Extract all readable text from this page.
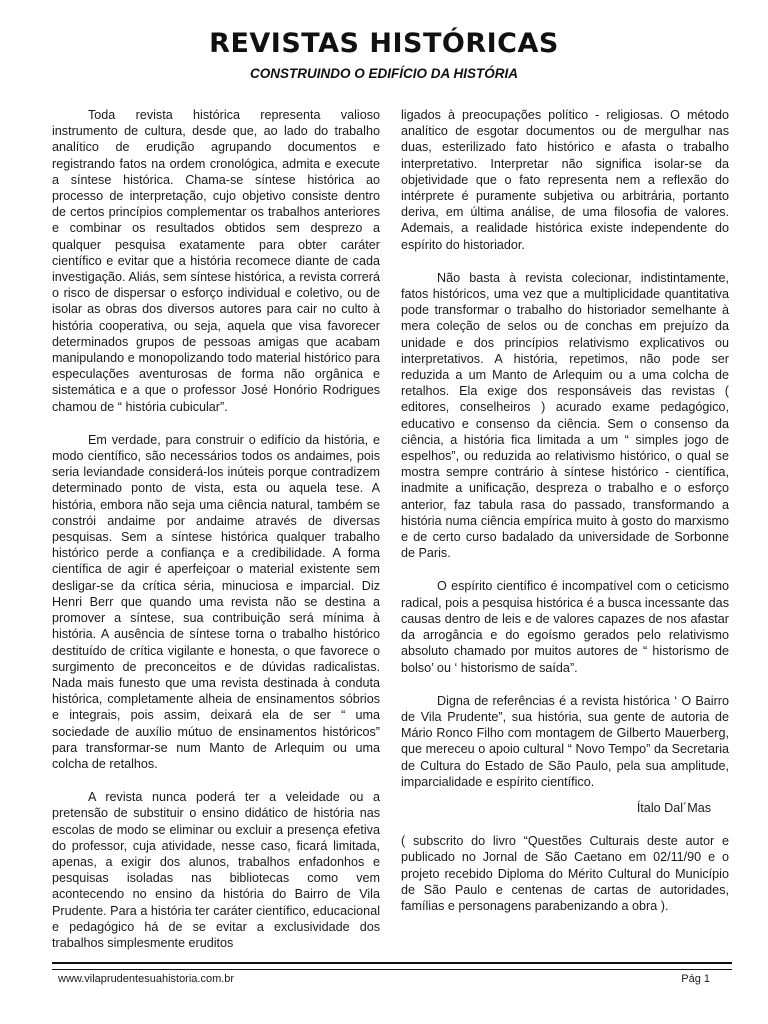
REVISTAS HISTÓRICAS
CONSTRUINDO O EDIFÍCIO DA HISTÓRIA

Toda revista histórica representa valioso instrumento de cultura, desde que, ao lado do trabalho analítico de erudição agrupando documentos e registrando fatos na ordem cronológica, admita e execute a síntese histórica. Chama-se síntese histórica ao processo de interpretação, cujo objetivo consiste dentro de certos princípios complementar os trabalhos anteriores e combinar os resultados obtidos sem desprezo a qualquer pesquisa exatamente para obter caráter científico e evitar que a história recomece diante de cada investigação. Aliás, sem síntese histórica, a revista correrá o risco de dispersar o esforço individual e coletivo, ou de isolar as obras dos diversos autores para cair no culto à história cooperativa, ou seja, aquela que visa favorecer determinados grupos de pessoas amigas que acabam manipulando e monopolizando todo material histórico para especulações aventurosas de forma não orgânica e sistemática e a que o professor José Honório Rodrigues chamou de “ história cubicular”.

Em verdade, para construir o edifício da história, e modo científico, são necessários todos os andaimes, pois seria leviandade considerá-los inúteis porque contradizem determinado ponto de vista, esta ou aquela tese. A história, embora não seja uma ciência natural, também se constrói andaime por andaime através de diversas pesquisas. Sem a síntese histórica qualquer trabalho histórico perde a confiança e a credibilidade. A forma científica de agir é aperfeiçoar o material existente sem desligar-se da crítica séria, minuciosa e imparcial. Diz Henri Berr que quando uma revista não se destina a promover a síntese, sua contribuição será mínima à história. A ausência de síntese torna o trabalho histórico destituído de crítica vigilante e honesta, o que favorece o surgimento de preconceitos e de dúvidas radicalistas. Nada mais funesto que uma revista destinada à conduta histórica, completamente alheia de ensinamentos sóbrios e integrais, pois assim, deixará ela de ser “ uma sociedade de auxílio mútuo de ensinamentos históricos” para transformar-se num Manto de Arlequim ou uma colcha de retalhos.

A revista nunca poderá ter a veleidade ou a pretensão de substituir o ensino didático de história nas escolas de modo se eliminar ou excluir a presença efetiva do professor, cuja atividade, nesse caso, ficará limitada, apenas, a exigir dos alunos, trabalhos enfadonhos e pesquisas isoladas nas bibliotecas como vem acontecendo no ensino da história do Bairro de Vila Prudente. Para a história ter caráter científico, educacional e pedagógico há de se evitar a exclusividade dos trabalhos simplesmente eruditos

ligados à preocupações político - religiosas. O método analítico de esgotar documentos ou de mergulhar nas duas, esterilizado fato histórico e afasta o trabalho interpretativo. Interpretar não significa isolar-se da objetividade que o fato representa nem a reflexão do intérprete é puramente subjetiva ou arbitrária, portanto deriva, em última análise, de uma filosofia de valores. Ademais, a realidade histórica existe independente do espírito do historiador.

Não basta à revista colecionar, indistintamente, fatos históricos, uma vez que a multiplicidade quantitativa pode transformar o trabalho do historiador semelhante à mera coleção de selos ou de conchas em prejuízo da unidade e dos princípios relativismo explicativos ou interpretativos. A história, repetimos, não pode ser reduzida a um Manto de Arlequim ou a uma colcha de retalhos. Ela exige dos responsáveis das revistas ( editores, conselheiros ) acurado exame pedagógico, educativo e consenso da ciência. Sem o consenso da ciência, a história fica limitada a um “ simples jogo de espelhos”, ou reduzida ao relativismo histórico, o qual se mostra sempre contrário à síntese histórico - científica, inadmite a unificação, despreza o trabalho e o esforço anterior, faz tabula rasa do passado, transformando a história numa ciência empírica muito à gosto do marxismo e de certo curso badalado da universidade de Sorbonne de Paris.

O espírito científico é incompatível com o ceticismo radical, pois a pesquisa histórica é a busca incessante das causas dentro de leis e de valores capazes de nos afastar da arrogância e do egoísmo gerados pelo relativismo absoluto chamado por muitos autores de “ historismo de bolso’ ou ‘ historismo de saída”.

Digna de referências é a revista histórica ‘ O Bairro de Vila Prudente”, sua história, sua gente de autoria de Mário Ronco Filho com montagem de Gilberto Mauerberg, que mereceu o apoio cultural “ Novo Tempo” da Secretaria de Cultura do Estado de São Paulo, pela sua amplitude, imparcialidade e espírito científico.

Ítalo Dal´Mas

( subscrito do livro “Questões Culturais deste autor e publicado no Jornal de São Caetano em 02/11/90 e o projeto recebido Diploma do Mérito Cultural do Município de São Paulo e centenas de cartas de autoridades, famílias e personagens parabenizando a obra ).

www.vilaprudentesuahistoria.com.br	Pág 1
